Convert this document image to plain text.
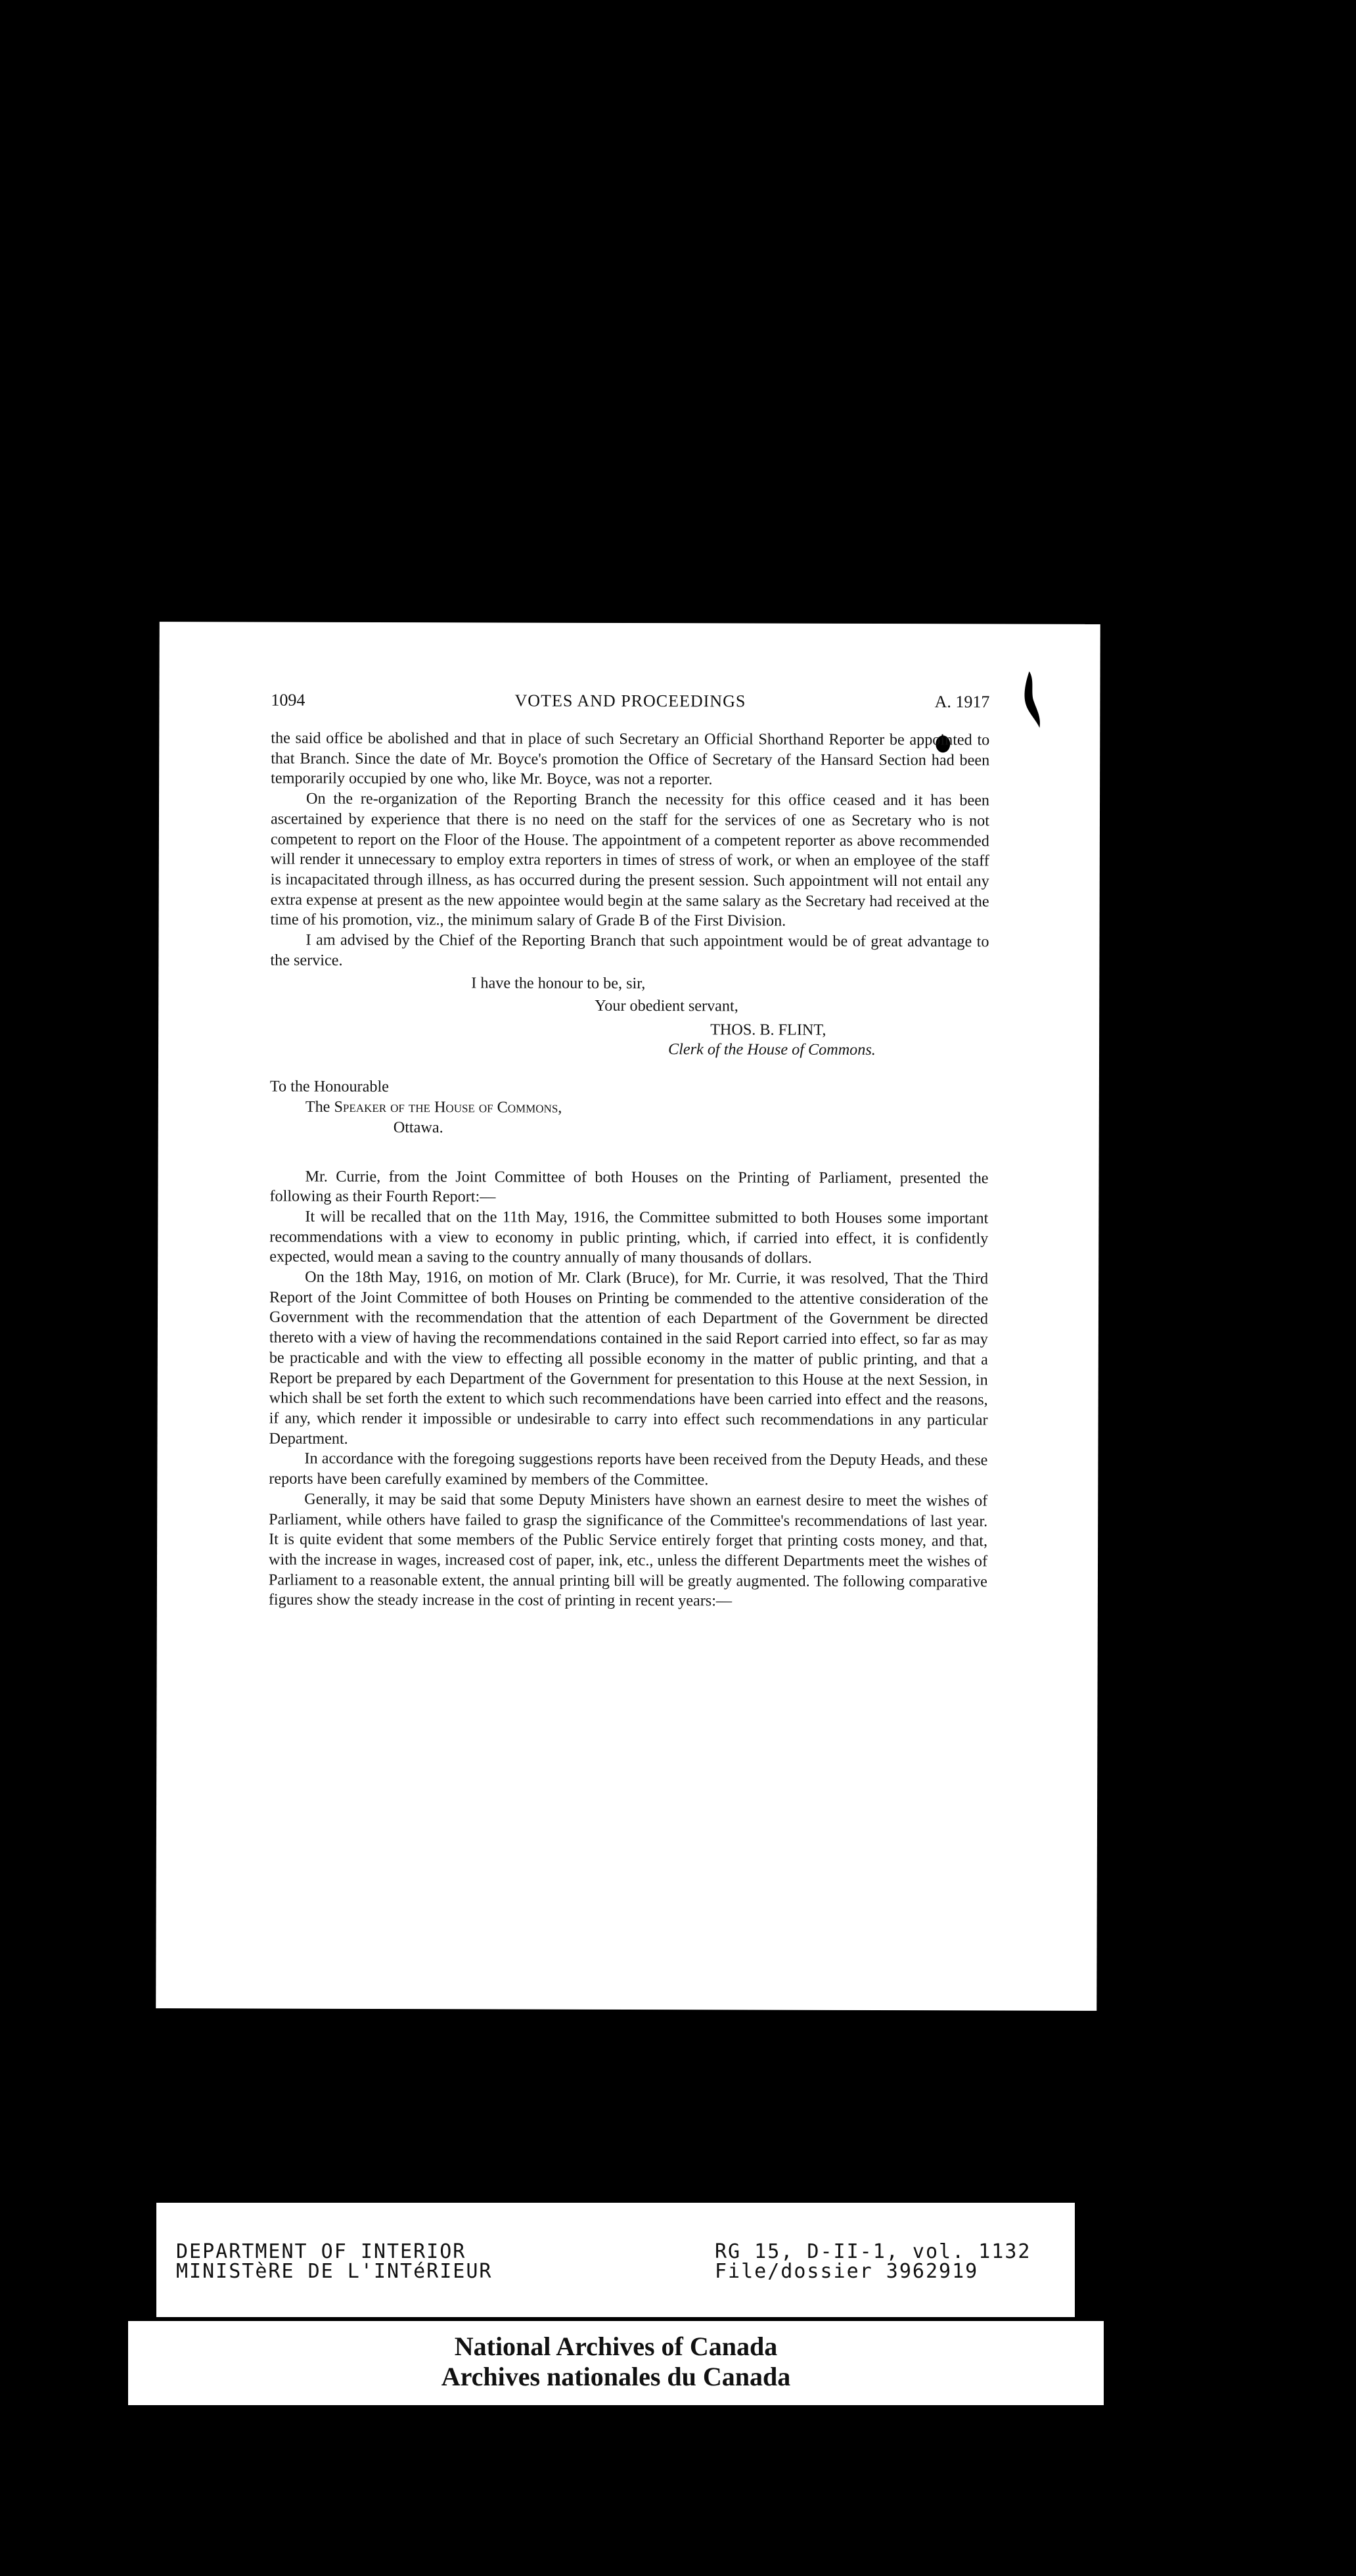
1094	VOTES AND PROCEEDINGS	A. 1917

the said office be abolished and that in place of such Secretary an Official Shorthand Reporter be appointed to that Branch. Since the date of Mr. Boyce's promotion the Office of Secretary of the Hansard Section had been temporarily occupied by one who, like Mr. Boyce, was not a reporter.

On the re-organization of the Reporting Branch the necessity for this office ceased and it has been ascertained by experience that there is no need on the staff for the services of one as Secretary who is not competent to report on the Floor of the House. The appointment of a competent reporter as above recommended will render it unnecessary to employ extra reporters in times of stress of work, or when an employee of the staff is incapacitated through illness, as has occurred during the present session. Such appointment will not entail any extra expense at present as the new appointee would begin at the same salary as the Secretary had received at the time of his promotion, viz., the minimum salary of Grade B of the First Division.

I am advised by the Chief of the Reporting Branch that such appointment would be of great advantage to the service.

I have the honour to be, sir,
Your obedient servant,
THOS. B. FLINT,
Clerk of the House of Commons.
To the Honourable
The Speaker of the House of Commons,
Ottawa.

Mr. Currie, from the Joint Committee of both Houses on the Printing of Parliament, presented the following as their Fourth Report:—

It will be recalled that on the 11th May, 1916, the Committee submitted to both Houses some important recommendations with a view to economy in public printing, which, if carried into effect, it is confidently expected, would mean a saving to the country annually of many thousands of dollars.

On the 18th May, 1916, on motion of Mr. Clark (Bruce), for Mr. Currie, it was resolved, That the Third Report of the Joint Committee of both Houses on Printing be commended to the attentive consideration of the Government with the recommendation that the attention of each Department of the Government be directed thereto with a view of having the recommendations contained in the said Report carried into effect, so far as may be practicable and with the view to effecting all possible economy in the matter of public printing, and that a Report be prepared by each Department of the Government for presentation to this House at the next Session, in which shall be set forth the extent to which such recommendations have been carried into effect and the reasons, if any, which render it impossible or undesirable to carry into effect such recommendations in any particular Department.

In accordance with the foregoing suggestions reports have been received from the Deputy Heads, and these reports have been carefully examined by members of the Committee.

Generally, it may be said that some Deputy Ministers have shown an earnest desire to meet the wishes of Parliament, while others have failed to grasp the significance of the Committee's recommendations of last year. It is quite evident that some members of the Public Service entirely forget that printing costs money, and that, with the increase in wages, increased cost of paper, ink, etc., unless the different Departments meet the wishes of Parliament to a reasonable extent, the annual printing bill will be greatly augmented. The following comparative figures show the steady increase in the cost of printing in recent years:—

DEPARTMENT OF INTERIOR
MINISTèRE DE L'INTéRIEUR
RG 15, D-II-1, vol. 1132
File/dossier 3962919
National Archives of Canada
Archives nationales du Canada
